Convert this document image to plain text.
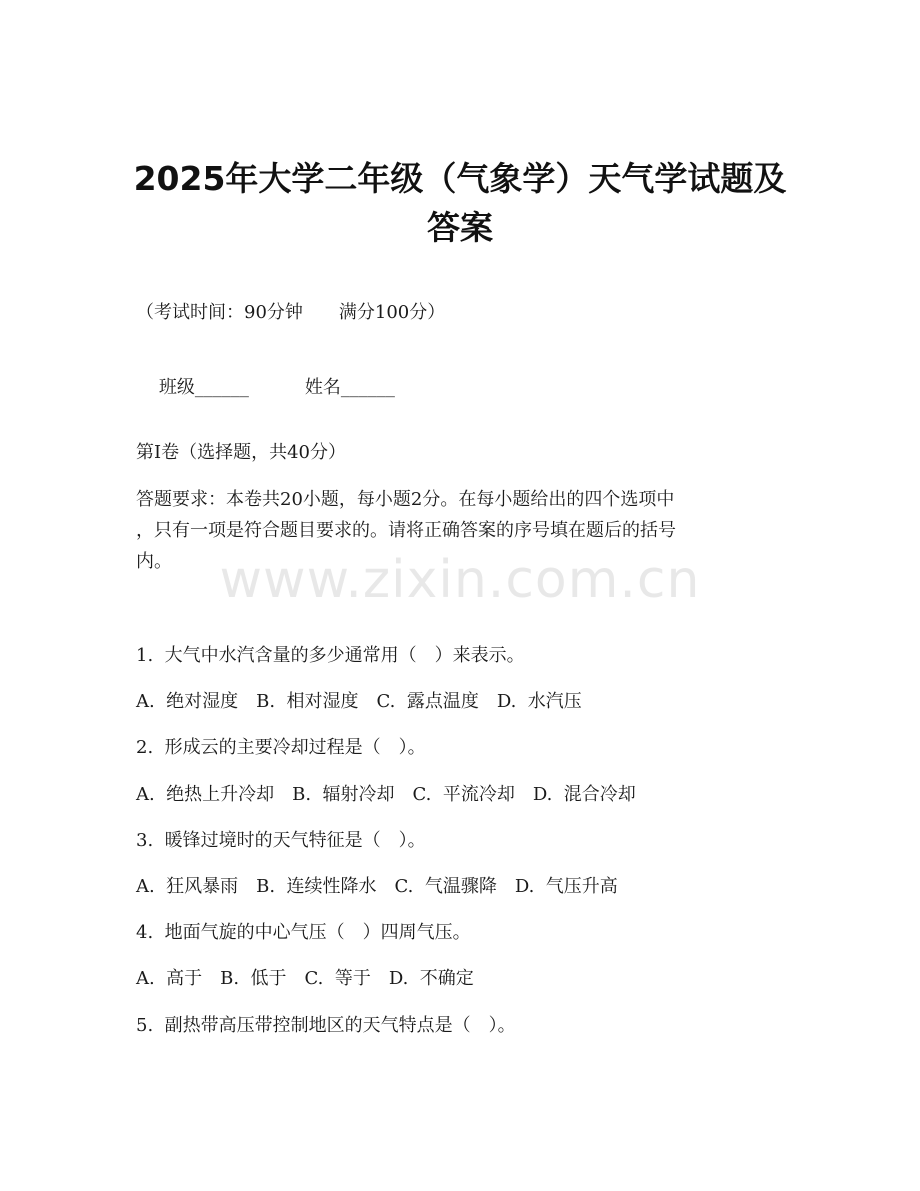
2025年大学二年级（气象学）天气学试题及
答案
（考试时间：90分钟　　满分100分）

班级______	姓名______

第I卷（选择题，共40分）
答题要求：本卷共20小题，每小题2分。在每小题给出的四个选项中
，只有一项是符合题目要求的。请将正确答案的序号填在题后的括号
内。
1.  大气中水汽含量的多少通常用（　）来表示。
A.  绝对湿度　B.  相对湿度　C.  露点温度　D.  水汽压
2.  形成云的主要冷却过程是（　）。
A.  绝热上升冷却　B.  辐射冷却　C.  平流冷却　D.  混合冷却
3.  暖锋过境时的天气特征是（　）。
A.  狂风暴雨　B.  连续性降水　C.  气温骤降　D.  气压升高
4.  地面气旋的中心气压（　）四周气压。
A.  高于　B.  低于　C.  等于　D.  不确定
5.  副热带高压带控制地区的天气特点是（　）。
www.zixin.com.cn
